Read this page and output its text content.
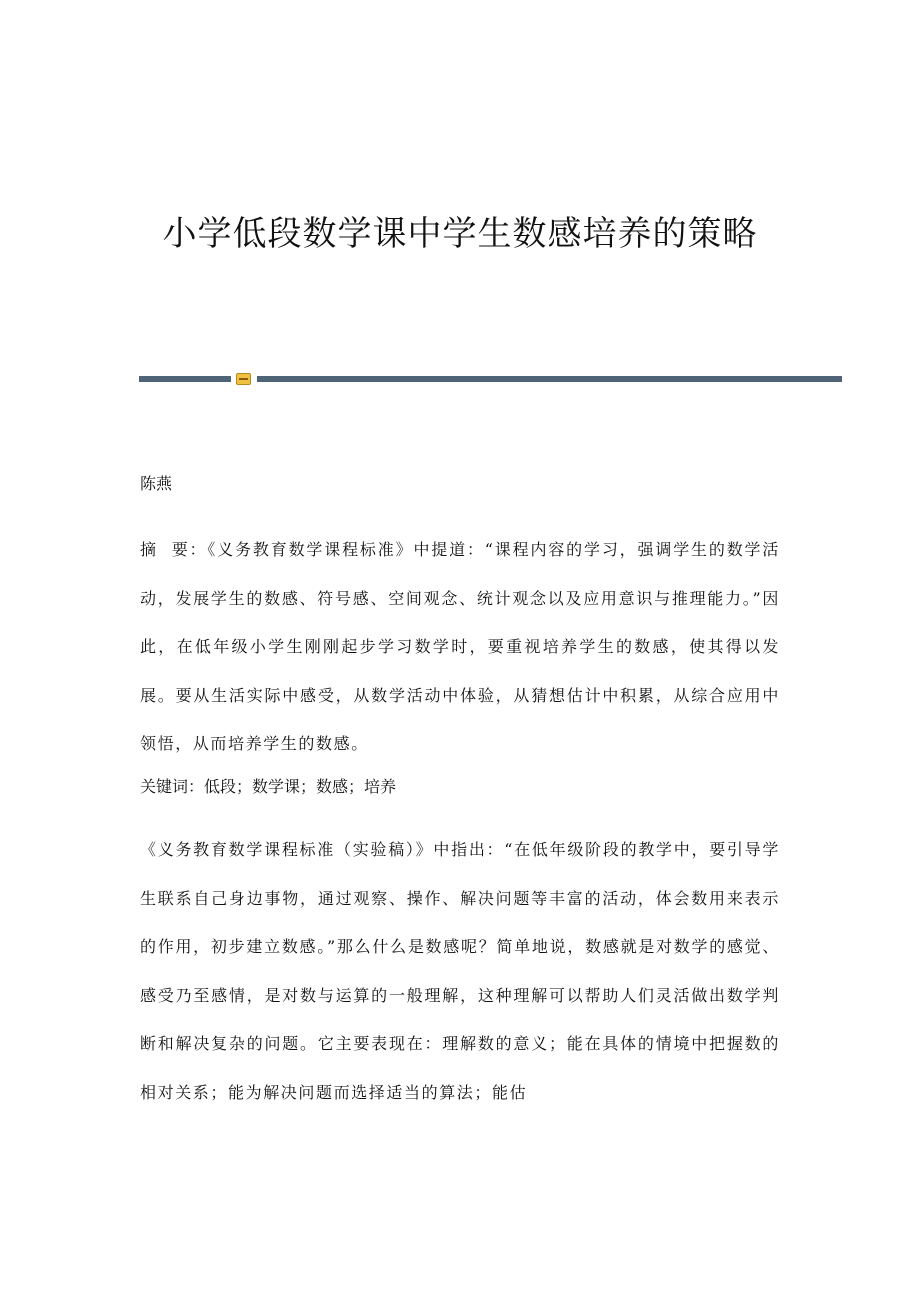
小学低段数学课中学生数感培养的策略

陈燕

摘  要：《义务教育数学课程标准》中提道：“课程内容的学习，强调学生的数学活动，发展学生的数感、符号感、空间观念、统计观念以及应用意识与推理能力。”因此，在低年级小学生刚刚起步学习数学时，要重视培养学生的数感，使其得以发展。要从生活实际中感受，从数学活动中体验，从猜想估计中积累，从综合应用中领悟，从而培养学生的数感。

关键词：低段；数学课；数感；培养

《义务教育数学课程标准（实验稿）》中指出：“在低年级阶段的教学中，要引导学生联系自己身边事物，通过观察、操作、解决问题等丰富的活动，体会数用来表示的作用，初步建立数感。”那么什么是数感呢？简单地说，数感就是对数学的感觉、感受乃至感情，是对数与运算的一般理解，这种理解可以帮助人们灵活做出数学判断和解决复杂的问题。它主要表现在：理解数的意义；能在具体的情境中把握数的相对关系；能为解决问题而选择适当的算法；能估
